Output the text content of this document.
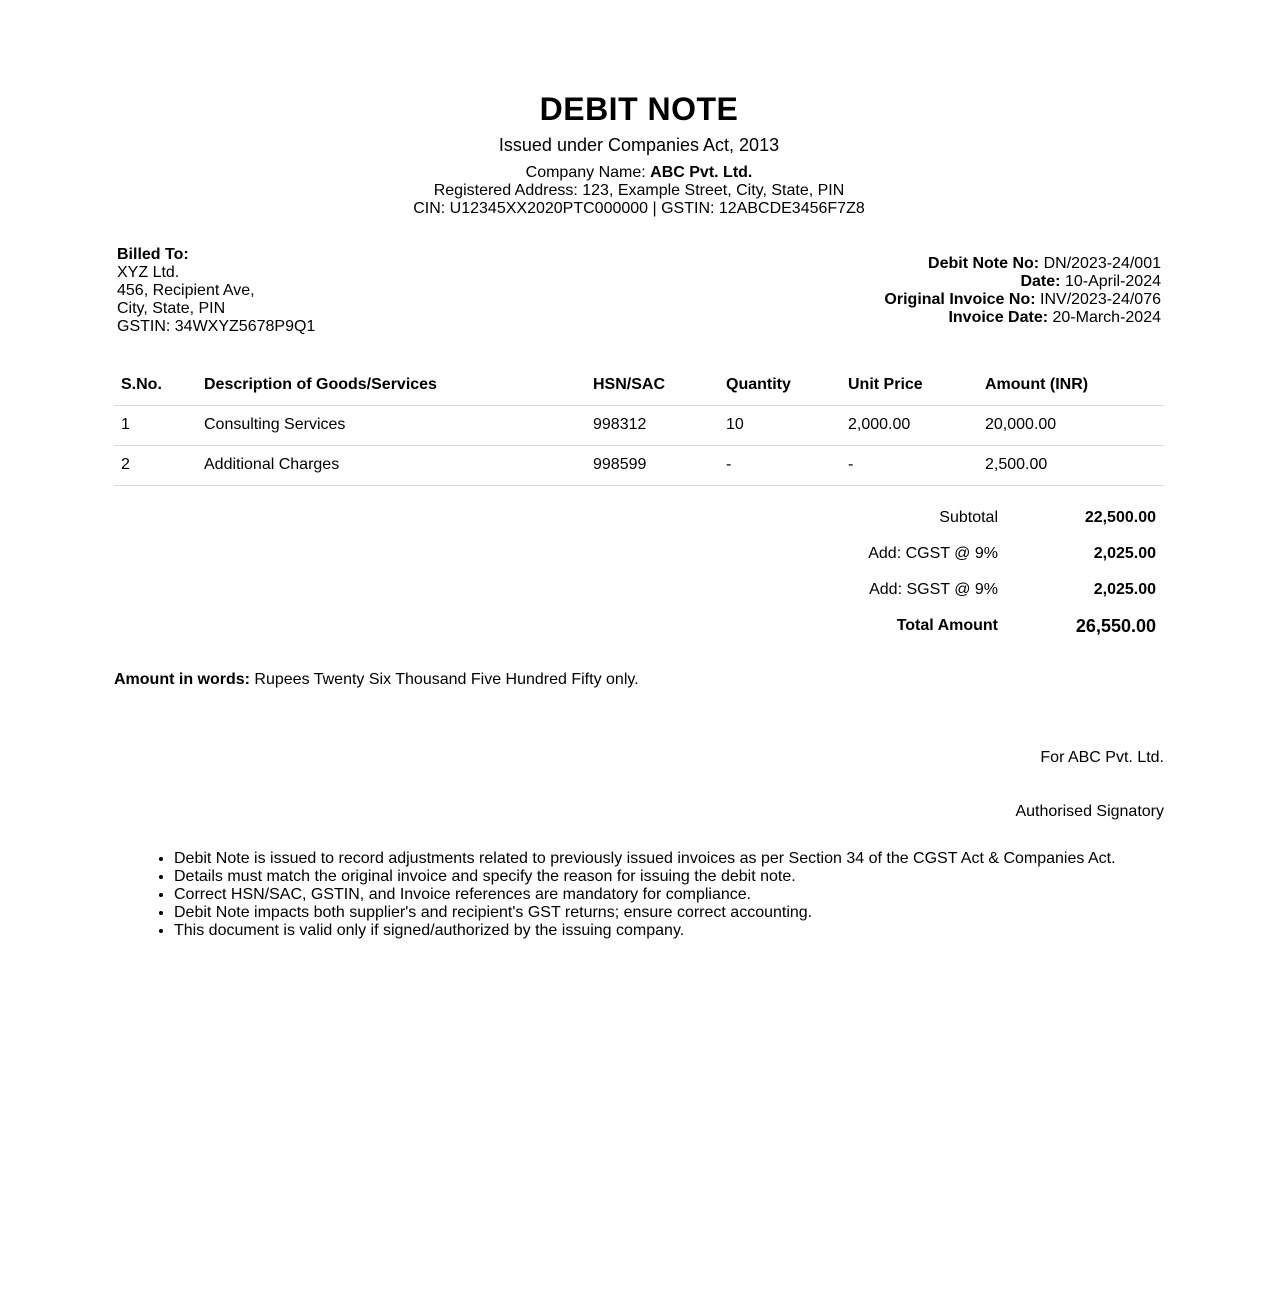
DEBIT NOTE
Issued under Companies Act, 2013
Company Name: ABC Pvt. Ltd.
Registered Address: 123, Example Street, City, State, PIN
CIN: U12345XX2020PTC000000 | GSTIN: 12ABCDE3456F7Z8
Billed To:
XYZ Ltd.
456, Recipient Ave,
City, State, PIN
GSTIN: 34WXYZ5678P9Q1
Debit Note No: DN/2023-24/001
Date: 10-April-2024
Original Invoice No: INV/2023-24/076
Invoice Date: 20-March-2024
S.No.	Description of Goods/Services	HSN/SAC	Quantity	Unit Price	Amount (INR)
1	Consulting Services	998312	10	2,000.00	20,000.00
2	Additional Charges	998599	-	-	2,500.00
Subtotal	22,500.00
Add: CGST @ 9%	2,025.00
Add: SGST @ 9%	2,025.00
Total Amount	26,550.00
Amount in words: Rupees Twenty Six Thousand Five Hundred Fifty only.
For ABC Pvt. Ltd.
Authorised Signatory
• Debit Note is issued to record adjustments related to previously issued invoices as per Section 34 of the CGST Act & Companies Act.
• Details must match the original invoice and specify the reason for issuing the debit note.
• Correct HSN/SAC, GSTIN, and Invoice references are mandatory for compliance.
• Debit Note impacts both supplier's and recipient's GST returns; ensure correct accounting.
• This document is valid only if signed/authorized by the issuing company.
